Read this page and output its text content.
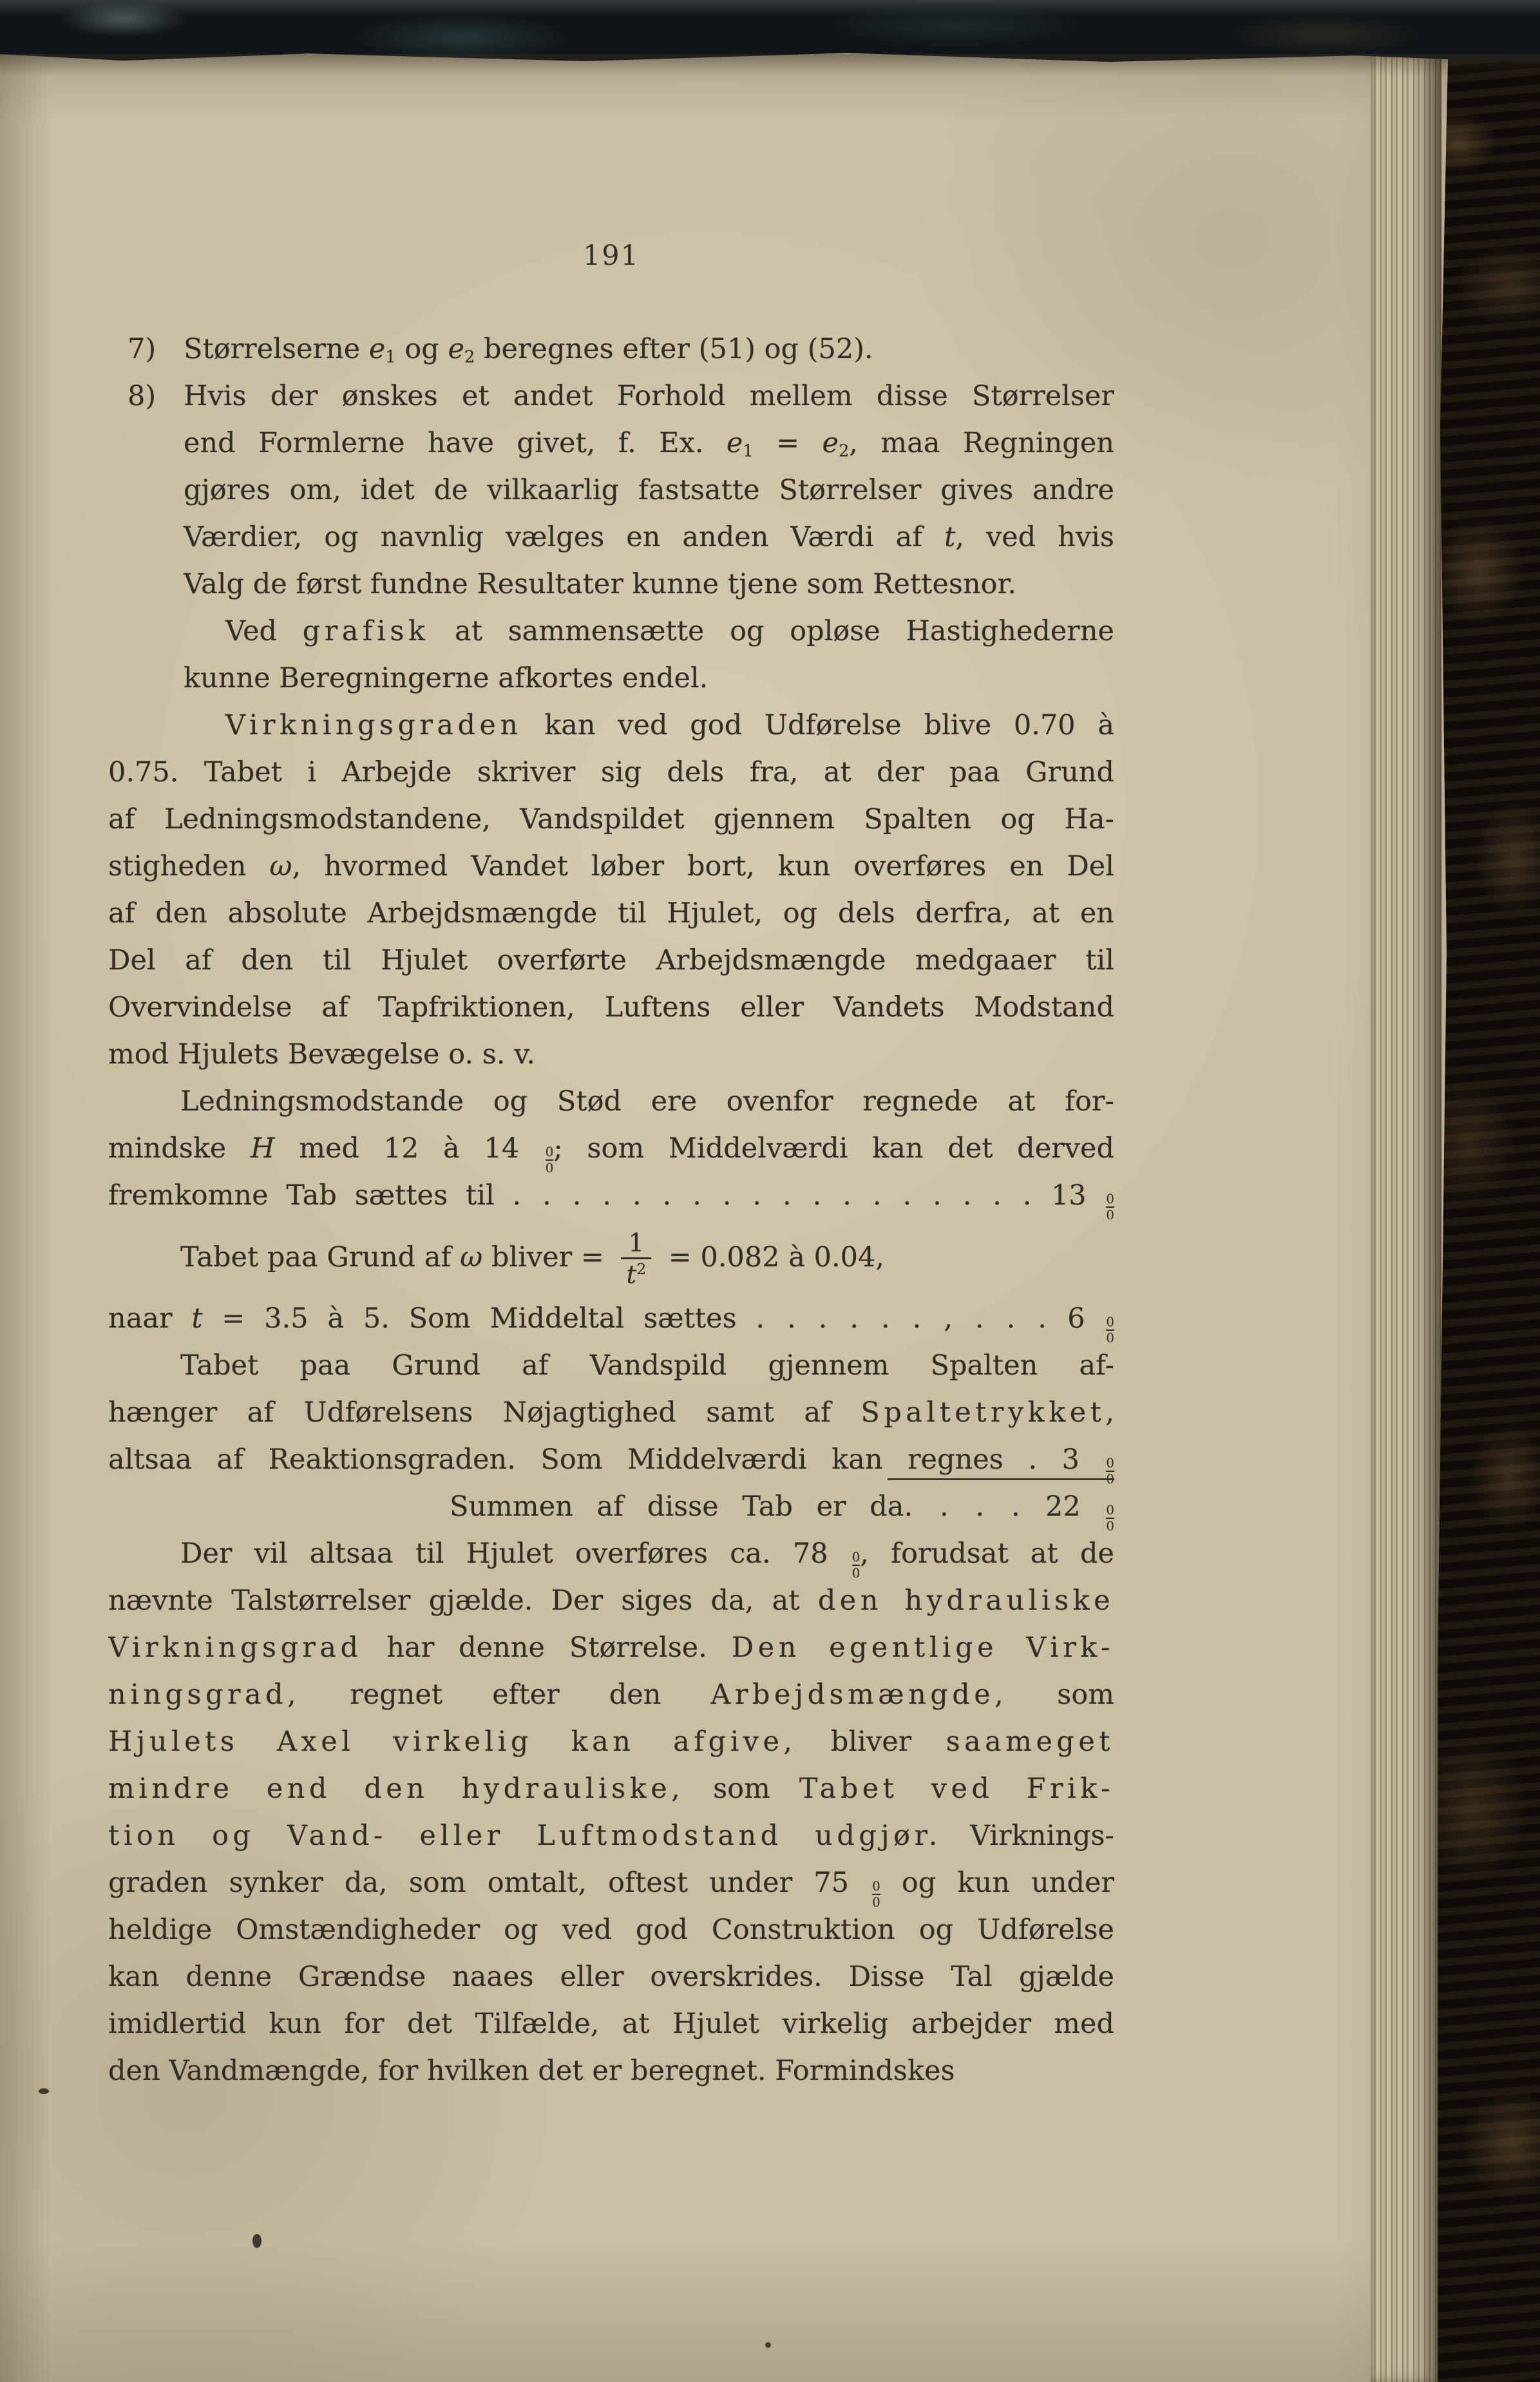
191
7) Størrelserne $e_1$ og $e_2$ beregnes efter (51) og (52).
8) Hvis der ønskes et andet Forhold mellem disse Størrelser
end Formlerne have givet, f. Ex. $e_1 = e_2$, maa Regningen
gjøres om, idet de vilkaarlig fastsatte Størrelser gives andre
Værdier, og navnlig vælges en anden Værdi af t, ved hvis
Valg de først fundne Resultater kunne tjene som Rettesnor.
Ved grafisk at sammensætte og opløse Hastighederne
kunne Beregningerne afkortes endel.
Virkningsgraden kan ved god Udførelse blive 0.70 à
0.75. Tabet i Arbejde skriver sig dels fra, at der paa Grund
af Ledningsmodstandene, Vandspildet gjennem Spalten og Ha-
stigheden ω, hvormed Vandet løber bort, kun overføres en Del
af den absolute Arbejdsmængde til Hjulet, og dels derfra, at en
Del af den til Hjulet overførte Arbejdsmængde medgaaer til
Overvindelse af Tapfriktionen, Luftens eller Vandets Modstand
mod Hjulets Bevægelse o. s. v.
Ledningsmodstande og Stød ere ovenfor regnede at for-
mindske H med 12 à $14 \frac{0}{0}$ ; som Middelværdi kan det derved
fremkomne Tab sættes til . . . . . . . . . . . . . . . . . . $13 \frac{0}{0}$
Tabet paa Grund af ω bliver = $\frac{1}{t^2} = 0.082$ à 0.04,
naar t = 3.5 à 5. Som Middeltal sættes . . . . . . , . . . $6 \frac{0}{0}$
Tabet paa Grund af Vandspild gjennem Spalten af-
hænger af Udførelsens Nøjagtighed samt af Spaltetrykket,
altsaa af Reaktionsgraden. Som Middelværdi kan regnes . $3 \frac{0}{0}$
Summen af disse Tab er da. . . . $22 \frac{0}{0}$
Der vil altsaa til Hjulet overføres ca. $78 \frac{0}{0}$ , forudsat at de
nævnte Talstørrelser gjælde. Der siges da, at den hydrauliske
Virkningsgrad har denne Størrelse. Den egentlige Virk-
ningsgrad, regnet efter den Arbejdsmængde, som
Hjulets Axel virkelig kan afgive, bliver saameget
mindre end den hydrauliske, som Tabet ved Frik-
tion og Vand- eller Luftmodstand udgjør. Virknings-
graden synker da, som omtalt, oftest under $75 \frac{0}{0}$ og kun under
heldige Omstændigheder og ved god Construktion og Udførelse
kan denne Grændse naaes eller overskrides. Disse Tal gjælde
imidlertid kun for det Tilfælde, at Hjulet virkelig arbejder med
den Vandmængde, for hvilken det er beregnet. Formindskes
